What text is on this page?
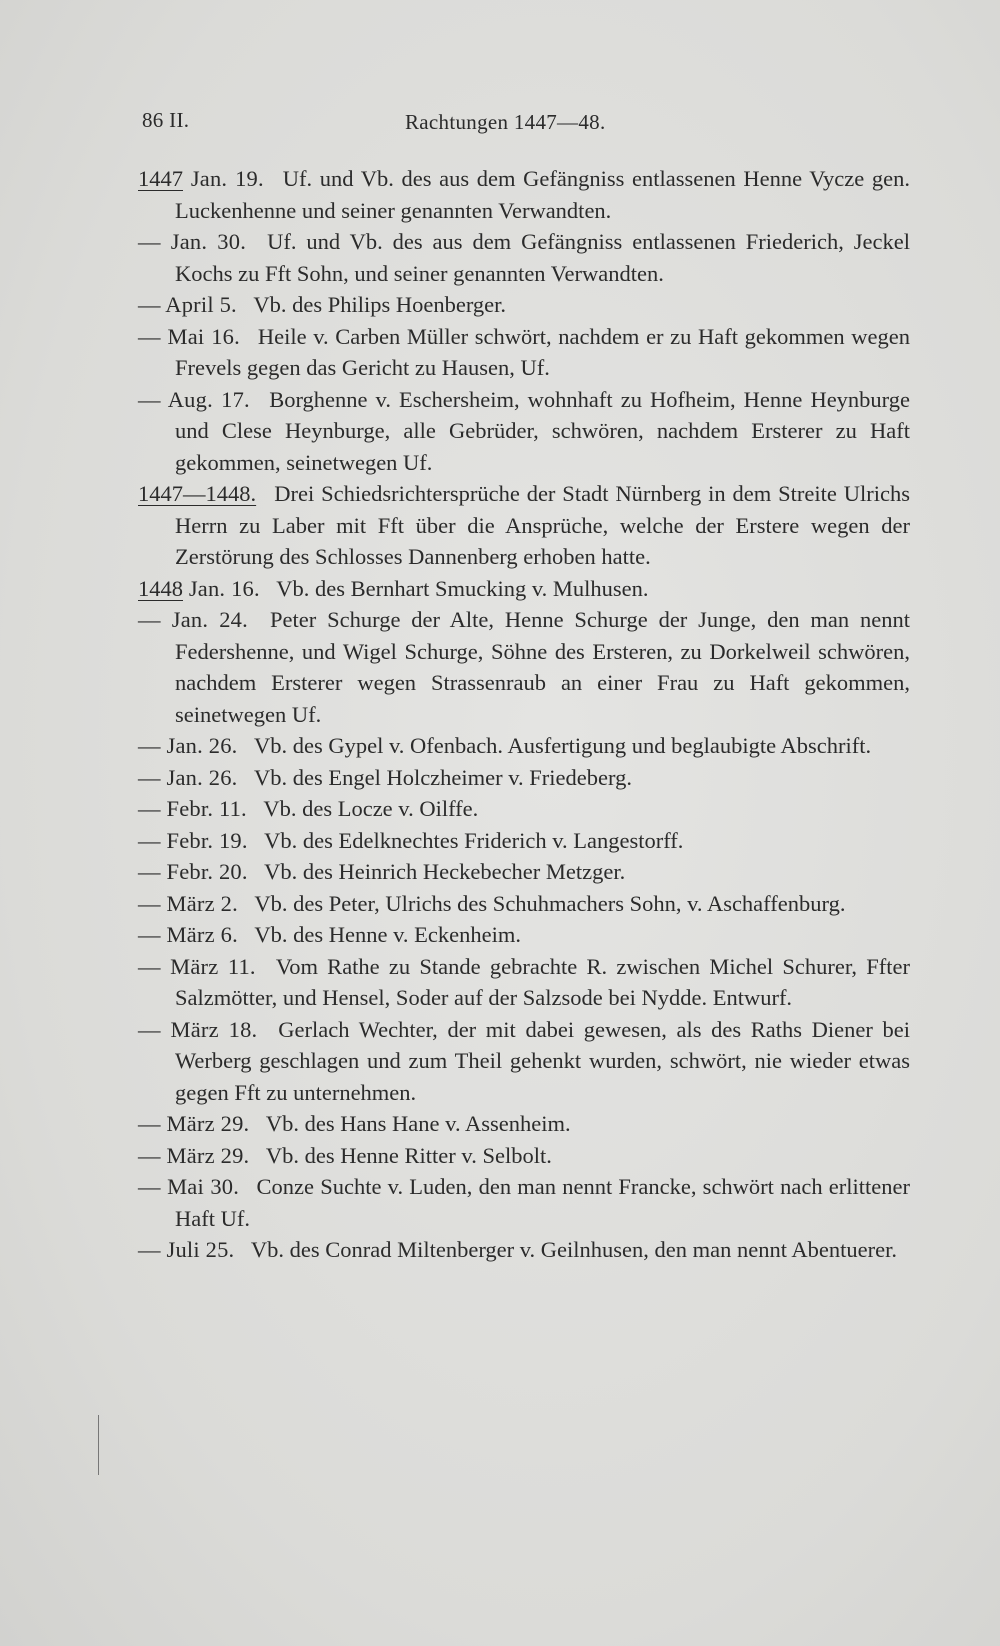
86 II.	Rachtungen 1447—48.

1447 Jan. 19.  Uf. und Vb. des aus dem Gefängniss entlassenen Henne Vycze gen. Luckenhenne und seiner genannten Verwandten.

— Jan. 30.  Uf. und Vb. des aus dem Gefängniss entlassenen Friederich, Jeckel Kochs zu Fft Sohn, und seiner genannten Verwandten.

— April 5.  Vb. des Philips Hoenberger.

— Mai 16.  Heile v. Carben Müller schwört, nachdem er zu Haft gekommen wegen Frevels gegen das Gericht zu Hausen, Uf.

— Aug. 17.  Borghenne v. Eschersheim, wohnhaft zu Hofheim, Henne Heynburge und Clese Heynburge, alle Gebrüder, schwören, nachdem Ersterer zu Haft gekommen, seinetwegen Uf.

1447—1448.  Drei Schiedsrichtersprüche der Stadt Nürnberg in dem Streite Ulrichs Herrn zu Laber mit Fft über die Ansprüche, welche der Erstere wegen der Zerstörung des Schlosses Dannenberg erhoben hatte.

1448 Jan. 16.  Vb. des Bernhart Smucking v. Mulhusen.

— Jan. 24.  Peter Schurge der Alte, Henne Schurge der Junge, den man nennt Federshenne, und Wigel Schurge, Söhne des Ersteren, zu Dorkelweil schwören, nachdem Ersterer wegen Strassenraub an einer Frau zu Haft gekommen, seinetwegen Uf.

— Jan. 26.  Vb. des Gypel v. Ofenbach. Ausfertigung und beglaubigte Abschrift.

— Jan. 26.  Vb. des Engel Holczheimer v. Friedeberg.

— Febr. 11.  Vb. des Locze v. Oilffe.

— Febr. 19.  Vb. des Edelknechtes Friderich v. Langestorff.

— Febr. 20.  Vb. des Heinrich Heckebecher Metzger.

— März 2.  Vb. des Peter, Ulrichs des Schuhmachers Sohn, v. Aschaffenburg.

— März 6.  Vb. des Henne v. Eckenheim.

— März 11.  Vom Rathe zu Stande gebrachte R. zwischen Michel Schurer, Ffter Salzmötter, und Hensel, Soder auf der Salzsode bei Nydde. Entwurf.

— März 18.  Gerlach Wechter, der mit dabei gewesen, als des Raths Diener bei Werberg geschlagen und zum Theil gehenkt wurden, schwört, nie wieder etwas gegen Fft zu unternehmen.

— März 29.  Vb. des Hans Hane v. Assenheim.

— März 29.  Vb. des Henne Ritter v. Selbolt.

— Mai 30.  Conze Suchte v. Luden, den man nennt Francke, schwört nach erlittener Haft Uf.

— Juli 25.  Vb. des Conrad Miltenberger v. Geilnhusen, den man nennt Abentuerer.
